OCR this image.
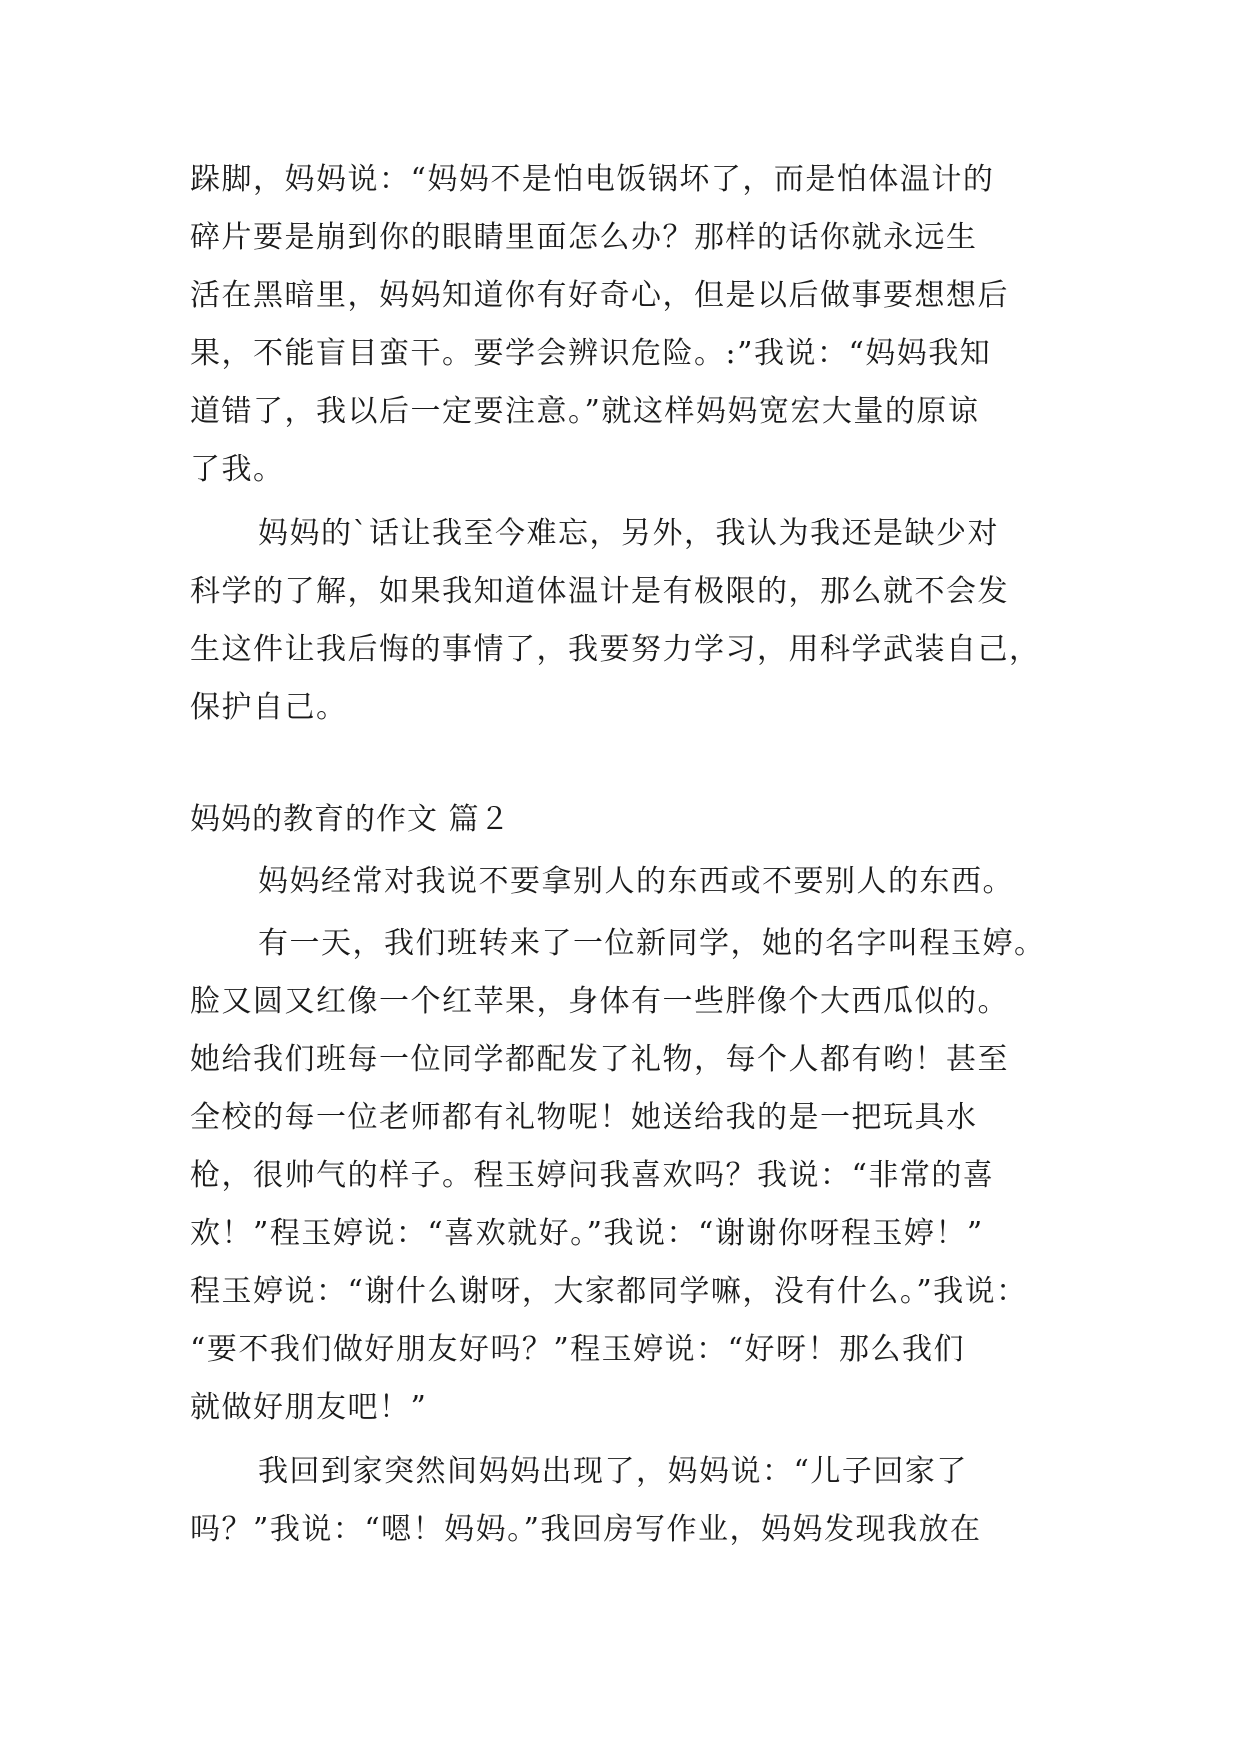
跺脚，妈妈说：“妈妈不是怕电饭锅坏了，而是怕体温计的
碎片要是崩到你的眼睛里面怎么办？那样的话你就永远生
活在黑暗里，妈妈知道你有好奇心，但是以后做事要想想后
果，不能盲目蛮干。要学会辨识危险。:”我说：“妈妈我知
道错了，我以后一定要注意。”就这样妈妈宽宏大量的原谅
了我。
妈妈的`话让我至今难忘，另外，我认为我还是缺少对
科学的了解，如果我知道体温计是有极限的，那么就不会发
生这件让我后悔的事情了，我要努力学习，用科学武装自己，
保护自己。
妈妈的教育的作文 篇２
妈妈经常对我说不要拿别人的东西或不要别人的东西。
有一天，我们班转来了一位新同学，她的名字叫程玉婷。
脸又圆又红像一个红苹果，身体有一些胖像个大西瓜似的。
她给我们班每一位同学都配发了礼物，每个人都有哟！甚至
全校的每一位老师都有礼物呢！她送给我的是一把玩具水
枪，很帅气的样子。程玉婷问我喜欢吗？我说：“非常的喜
欢！”程玉婷说：“喜欢就好。”我说：“谢谢你呀程玉婷！”
程玉婷说：“谢什么谢呀，大家都同学嘛，没有什么。”我说：
“要不我们做好朋友好吗？”程玉婷说：“好呀！那么我们
就做好朋友吧！”
我回到家突然间妈妈出现了，妈妈说：“儿子回家了
吗？”我说：“嗯！妈妈。”我回房写作业，妈妈发现我放在
